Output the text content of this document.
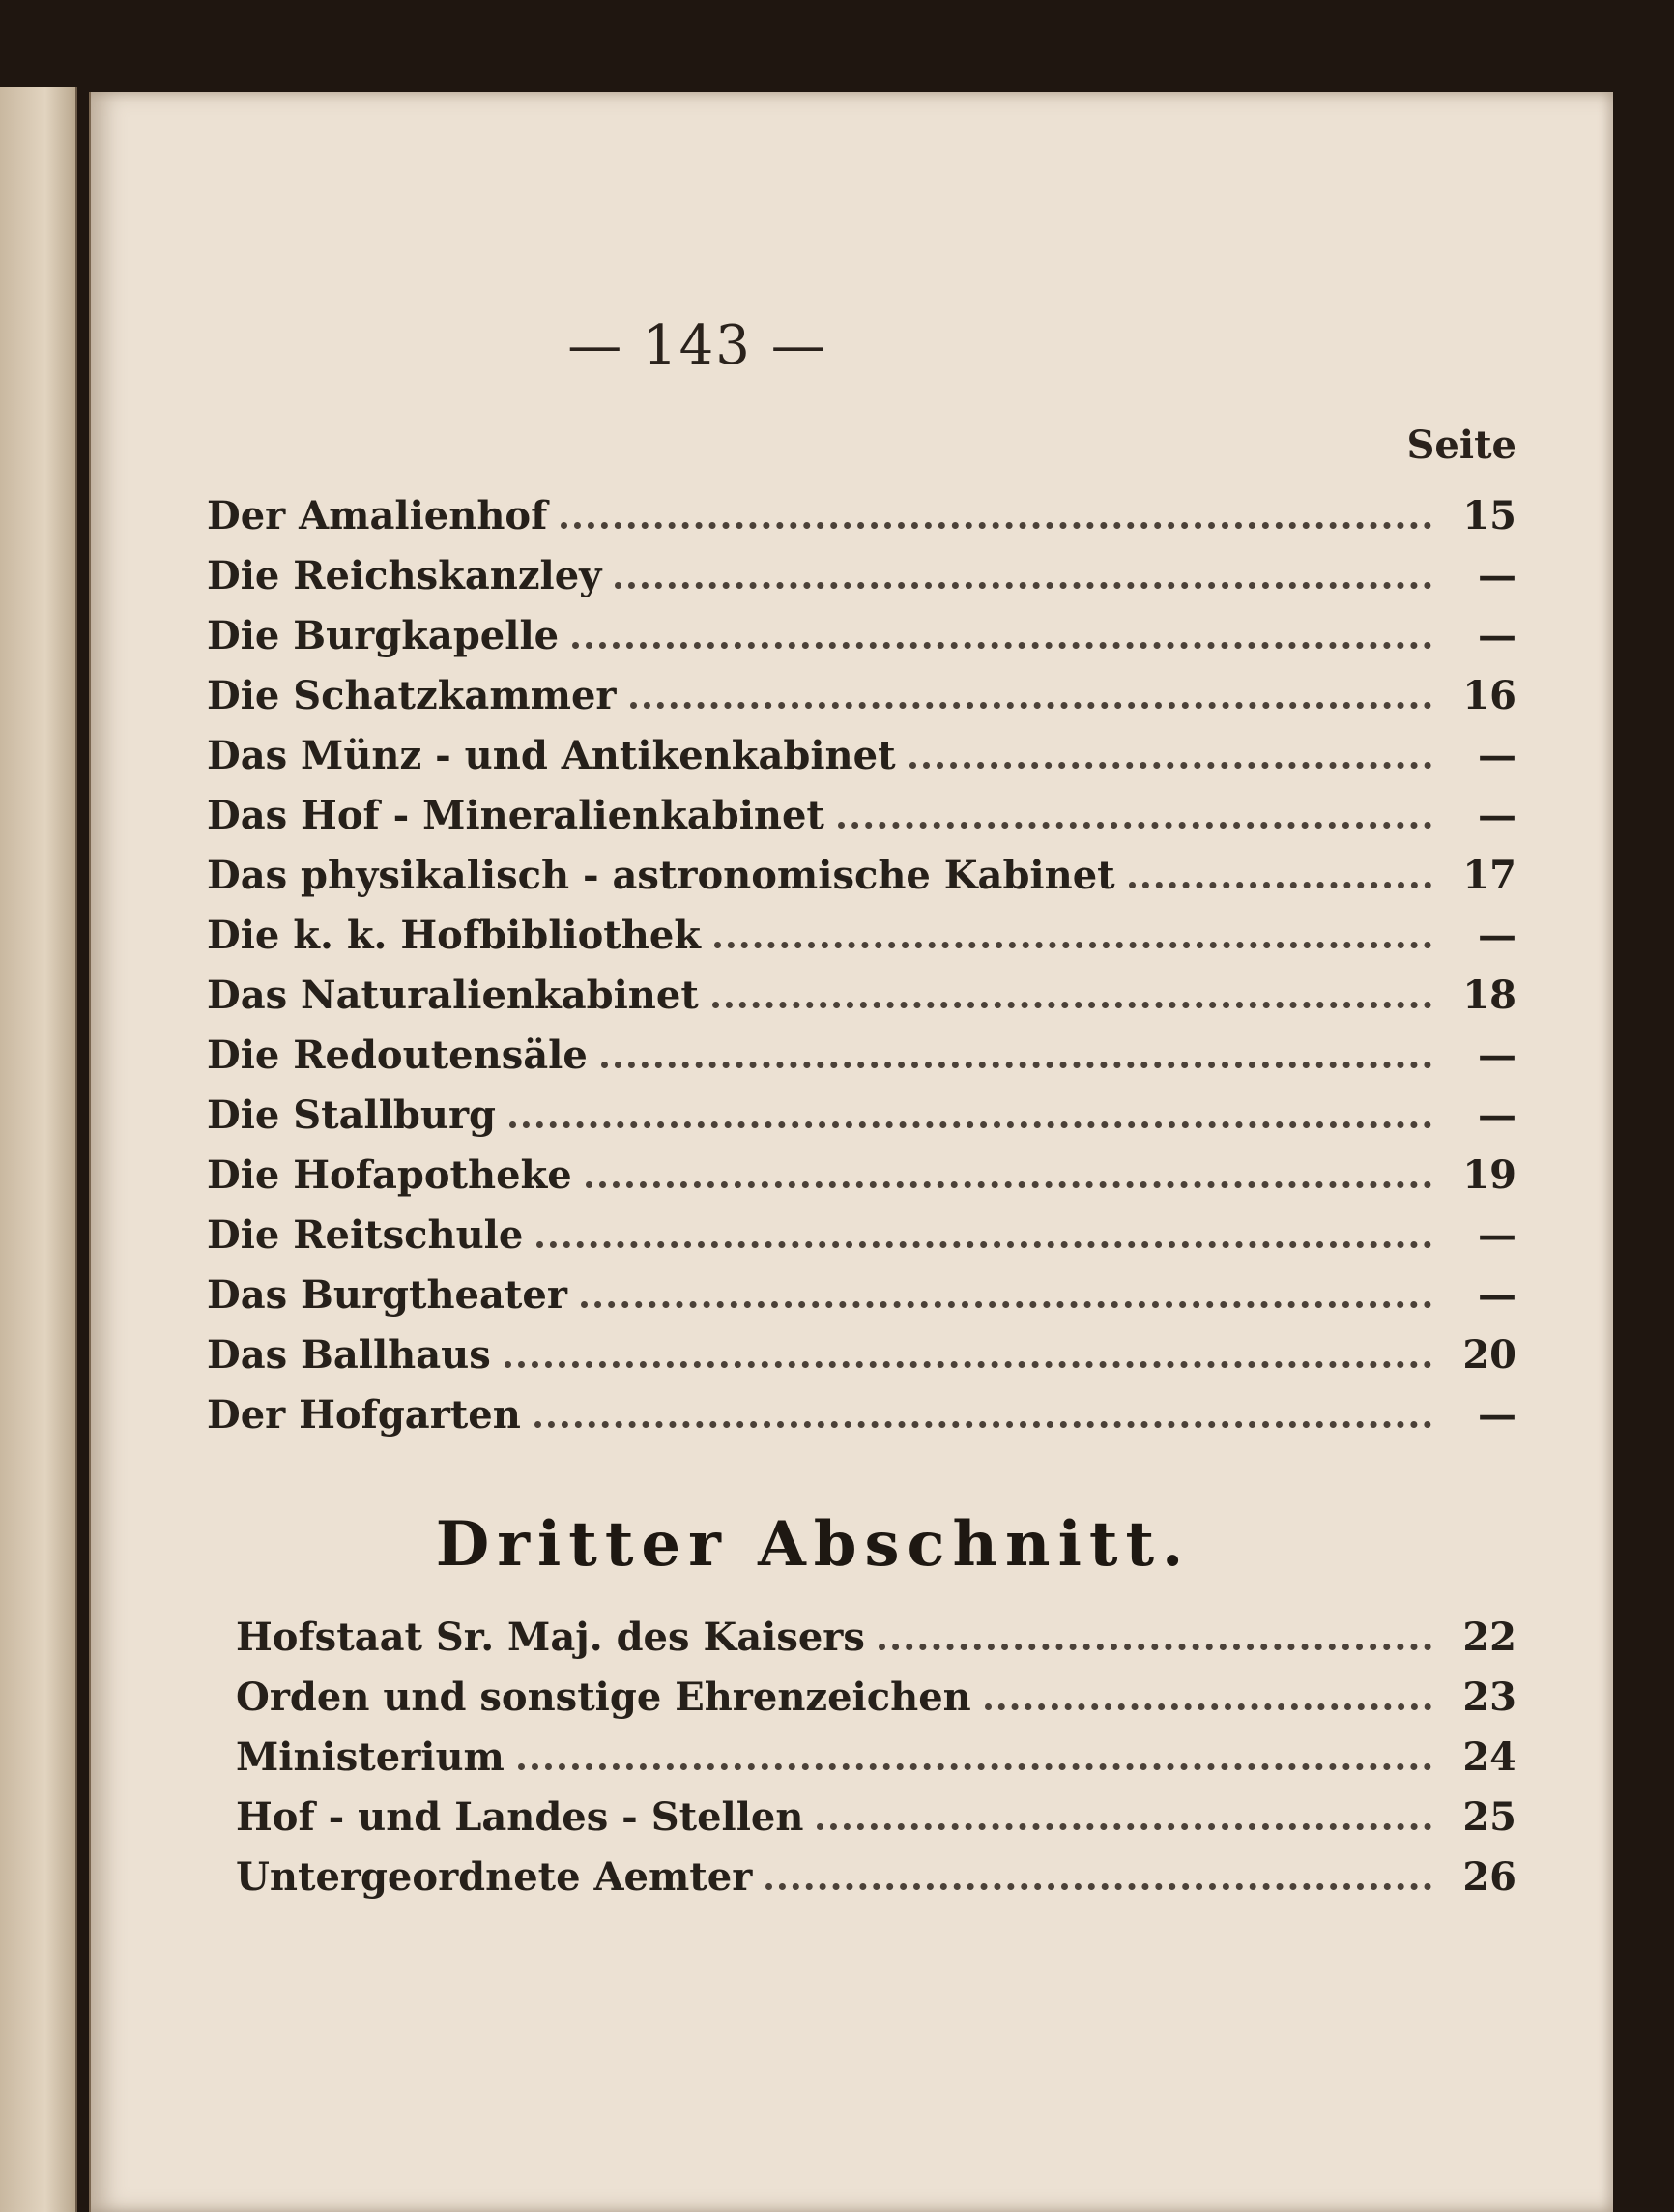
— 143 —
Seite
Der Amalienhof	15
Die Reichskanzley	—
Die Burgkapelle	—
Die Schatzkammer	16
Das Münz - und Antikenkabinet	—
Das Hof - Mineralienkabinet	—
Das physikalisch - astronomische Kabinet	17
Die k. k. Hofbibliothek	—
Das Naturalienkabinet	18
Die Redoutensäle	—
Die Stallburg	—
Die Hofapotheke	19
Die Reitschule	—
Das Burgtheater	—
Das Ballhaus	20
Der Hofgarten	—
Dritter Abschnitt.
Hofstaat Sr. Maj. des Kaisers	22
Orden und sonstige Ehrenzeichen	23
Ministerium	24
Hof - und Landes - Stellen	25
Untergeordnete Aemter	26
